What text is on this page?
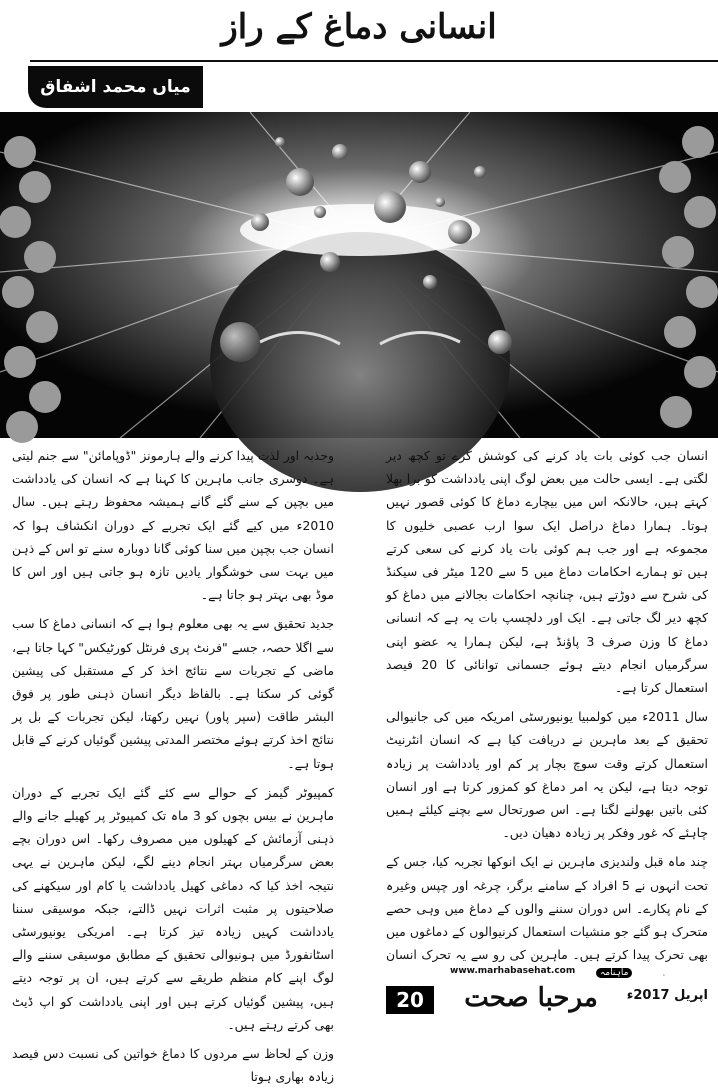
انسانی دماغ کے راز
میاں محمد اشفاق

انسان جب کوئی بات یاد کرنے کی کوشش کرے تو کچھ دیر لگتی ہے۔ ایسی حالت میں بعض لوگ اپنی یادداشت کو برا بھلا کہتے ہیں، حالانکہ اس میں بیچارے دماغ کا کوئی قصور نہیں ہوتا۔ ہمارا دماغ دراصل ایک سوا ارب عصبی خلیوں کا مجموعہ ہے اور جب ہم کوئی بات یاد کرنے کی سعی کرتے ہیں تو ہمارے احکامات دماغ میں 5 سے 120 میٹر فی سیکنڈ کی شرح سے دوڑتے ہیں، چنانچہ احکامات بجالانے میں دماغ کو کچھ دیر لگ جاتی ہے۔ ایک اور دلچسپ بات یہ ہے کہ انسانی دماغ کا وزن صرف 3 پاؤنڈ ہے، لیکن ہمارا یہ عضو اپنی سرگرمیاں انجام دیتے ہوئے جسمانی توانائی کا 20 فیصد استعمال کرتا ہے۔

سال 2011ء میں کولمبیا یونیورسٹی امریکہ میں کی جانیوالی تحقیق کے بعد ماہرین نے دریافت کیا ہے کہ انسان انٹرنیٹ استعمال کرتے وقت سوچ بچار پر کم اور یادداشت پر زیادہ توجہ دیتا ہے، لیکن یہ امر دماغ کو کمزور کرتا ہے اور انسان کئی باتیں بھولنے لگتا ہے۔ اس صورتحال سے بچنے کیلئے ہمیں چاہئے کہ غور وفکر پر زیادہ دھیان دیں۔

چند ماہ قبل ولندیزی ماہرین نے ایک انوکھا تجربہ کیا، جس کے تحت انہوں نے 5 افراد کے سامنے برگر، چرغہ اور چپس وغیرہ کے نام پکارے۔ اس دوران سننے والوں کے دماغ میں وہی حصے متحرک ہو گئے جو منشیات استعمال کرنیوالوں کے دماغوں میں بھی تحرک پیدا کرتے ہیں۔ ماہرین کی رو سے یہ تحرک انسان

وجذبہ اور لذت پیدا کرنے والے ہارمونز "ڈوپامائن" سے جنم لیتی ہے۔ دوسری جانب ماہرین کا کہنا ہے کہ انسان کی یادداشت میں بچپن کے سنے گئے گانے ہمیشہ محفوظ رہتے ہیں۔ سال 2010ء میں کیے گئے ایک تجربے کے دوران انکشاف ہوا کہ انسان جب بچپن میں سنا کوئی گانا دوبارہ سنے تو اس کے ذہن میں بہت سی خوشگوار یادیں تازہ ہو جاتی ہیں اور اس کا موڈ بھی بہتر ہو جاتا ہے۔

جدید تحقیق سے یہ بھی معلوم ہوا ہے کہ انسانی دماغ کا سب سے اگلا حصہ، جسے "فرنٹ پری فرنٹل کورٹیکس" کہا جاتا ہے، ماضی کے تجربات سے نتائج اخذ کر کے مستقبل کی پیشین گوئی کر سکتا ہے۔ بالفاظ دیگر انسان ذہنی طور پر فوق البشر طاقت (سپر پاور) نہیں رکھتا، لیکن تجربات کے بل پر نتائج اخذ کرتے ہوئے مختصر المدتی پیشین گوئیاں کرنے کے قابل ہوتا ہے۔

کمپیوٹر گیمز کے حوالے سے کئے گئے ایک تجربے کے دوران ماہرین نے بیس بچوں کو 3 ماہ تک کمپیوٹر پر کھیلے جانے والے ذہنی آزمائش کے کھیلوں میں مصروف رکھا۔ اس دوران بچے بعض سرگرمیاں بہتر انجام دینے لگے، لیکن ماہرین نے یہی نتیجہ اخذ کیا کہ دماغی کھیل یادداشت یا کام اور سیکھنے کی صلاحیتوں پر مثبت اثرات نہیں ڈالتے، جبکہ موسیقی سننا یادداشت کہیں زیادہ تیز کرتا ہے۔ امریکی یونیورسٹی اسٹانفورڈ میں ہونیوالی تحقیق کے مطابق موسیقی سننے والے لوگ اپنے کام منظم طریقے سے کرتے ہیں، ان پر توجہ دیتے ہیں، پیشین گوئیاں کرتے ہیں اور اپنی یادداشت کو اپ ڈیٹ بھی کرتے رہتے ہیں۔

وزن کے لحاظ سے مردوں کا دماغ خواتین کی نسبت دس فیصد زیادہ بھاری ہوتا

www.marhabasehat.com
20	مرحبا صحت
ماہنامہ
اپریل 2017ء
